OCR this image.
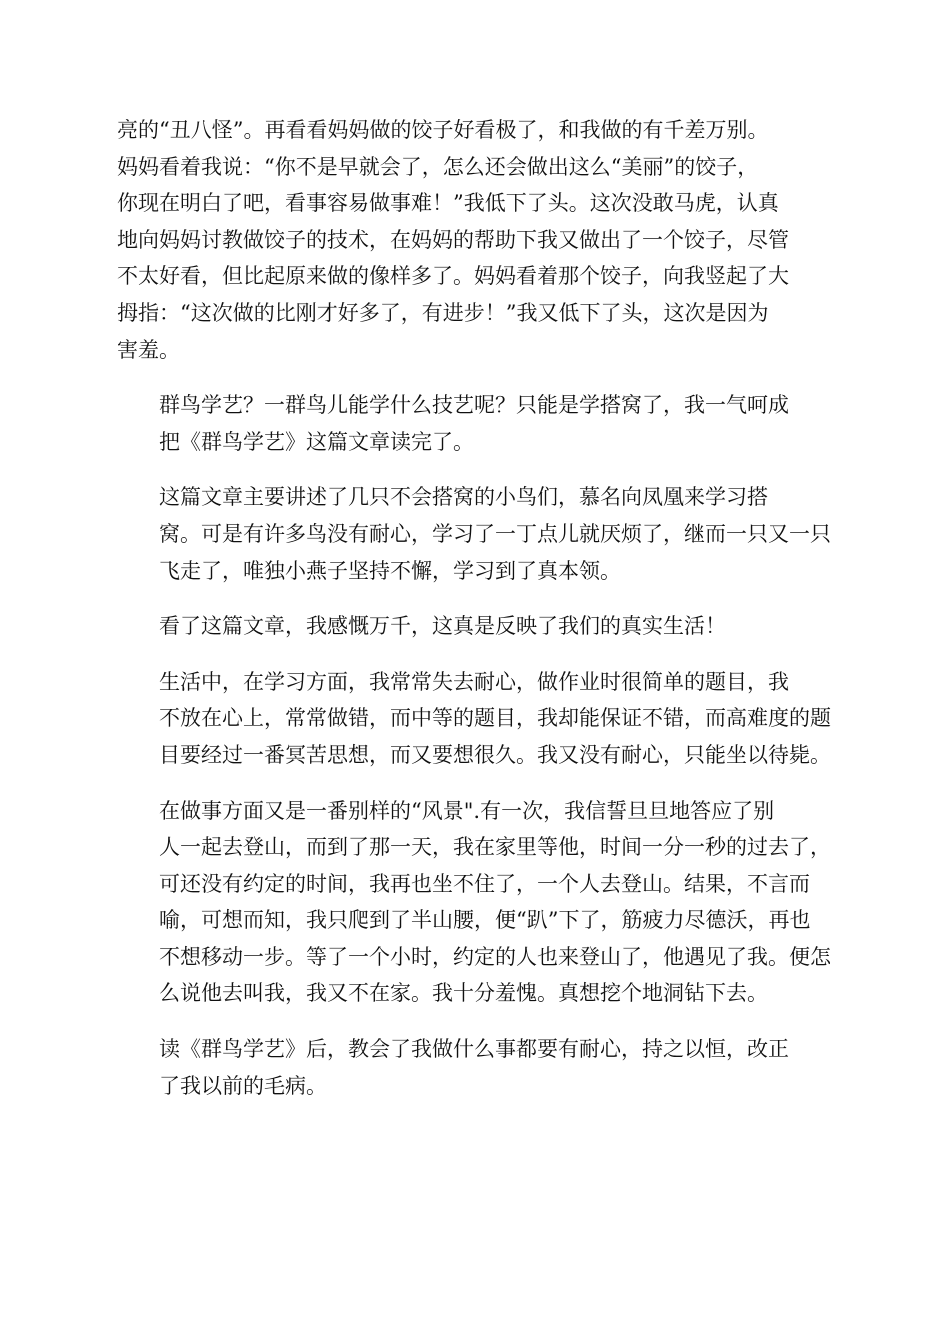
亮的“丑八怪”。再看看妈妈做的饺子好看极了，和我做的有千差万别。
妈妈看着我说：“你不是早就会了，怎么还会做出这么“美丽”的饺子，
你现在明白了吧，看事容易做事难！”我低下了头。这次没敢马虎，认真
地向妈妈讨教做饺子的技术，在妈妈的帮助下我又做出了一个饺子，尽管
不太好看，但比起原来做的像样多了。妈妈看着那个饺子，向我竖起了大
拇指：“这次做的比刚才好多了，有进步！”我又低下了头，这次是因为
害羞。

群鸟学艺？一群鸟儿能学什么技艺呢？只能是学搭窝了，我一气呵成
把《群鸟学艺》这篇文章读完了。

这篇文章主要讲述了几只不会搭窝的小鸟们，慕名向凤凰来学习搭
窝。可是有许多鸟没有耐心，学习了一丁点儿就厌烦了，继而一只又一只
飞走了，唯独小燕子坚持不懈，学习到了真本领。

看了这篇文章，我感慨万千，这真是反映了我们的真实生活！

生活中，在学习方面，我常常失去耐心，做作业时很简单的题目，我
不放在心上，常常做错，而中等的题目，我却能保证不错，而高难度的题
目要经过一番冥苦思想，而又要想很久。我又没有耐心，只能坐以待毙。

在做事方面又是一番别样的“风景".有一次，我信誓旦旦地答应了别
人一起去登山，而到了那一天，我在家里等他，时间一分一秒的过去了，
可还没有约定的时间，我再也坐不住了，一个人去登山。结果，不言而
喻，可想而知，我只爬到了半山腰，便“趴”下了，筋疲力尽德沃，再也
不想移动一步。等了一个小时，约定的人也来登山了，他遇见了我。便怎
么说他去叫我，我又不在家。我十分羞愧。真想挖个地洞钻下去。

读《群鸟学艺》后，教会了我做什么事都要有耐心，持之以恒，改正
了我以前的毛病。
